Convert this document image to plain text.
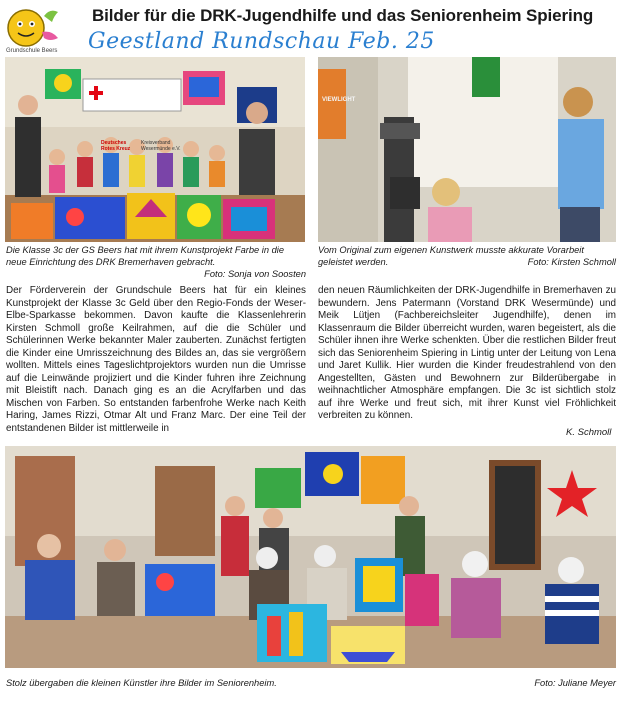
Grundschule Beers
Bilder für die DRK-Jugendhilfe und das Seniorenheim Spiering
Geestland Rundschau Feb. 25
Deutsches Rotes Kreuz
Kreisverband Wesermünde e.V.
VIEWLIGHT
Die Klasse 3c der GS Beers hat mit ihrem Kunstprojekt Farbe in die neue Einrichtung des DRK Bremerhaven gebracht.
Foto: Sonja von Soosten
Vom Original zum eigenen Kunstwerk musste akkurate Vorarbeit geleistet werden.	Foto: Kirsten Schmoll
Der Förderverein der Grundschule Beers hat für ein kleines Kunstprojekt der Klasse 3c Geld über den Regio-Fonds der Weser-Elbe-Sparkasse bekommen. Davon kaufte die Klassenlehrerin Kirsten Schmoll große Keilrahmen, auf die die Schüler und Schülerinnen Werke bekannter Maler zauberten. Zunächst fertigten die Kinder eine Umrisszeichnung des Bildes an, das sie vergrößern wollten. Mittels eines Tageslichtprojektors wurden nun die Umrisse auf die Leinwände projiziert und die Kinder fuhren ihre Zeichnung mit Bleistift nach. Danach ging es an die Acrylfarben und das Mischen von Farben. So entstanden farbenfrohe Werke nach Keith Haring, James Rizzi, Otmar Alt und Franz Marc. Der eine Teil der entstandenen Bilder ist mittlerweile in
den neuen Räumlichkeiten der DRK-Jugendhilfe in Bremerhaven zu bewundern. Jens Patermann (Vorstand DRK Wesermünde) und Meik Lütjen (Fachbereichsleiter Jugendhilfe), denen im Klassenraum die Bilder überreicht wurden, waren begeistert, als die Schüler ihnen ihre Werke schenkten. Über die restlichen Bilder freut sich das Seniorenheim Spiering in Lintig unter der Leitung von Lena und Jaret Kullik. Hier wurden die Kinder freudestrahlend von den Angestellten, Gästen und Bewohnern zur Bilderübergabe in weihnachtlicher Atmosphäre empfangen. Die 3c ist sichtlich stolz auf ihre Werke und freut sich, mit ihrer Kunst viel Fröhlichkeit verbreiten zu können.
K. Schmoll
Stolz übergaben die kleinen Künstler ihre Bilder im Seniorenheim.	Foto: Juliane Meyer
